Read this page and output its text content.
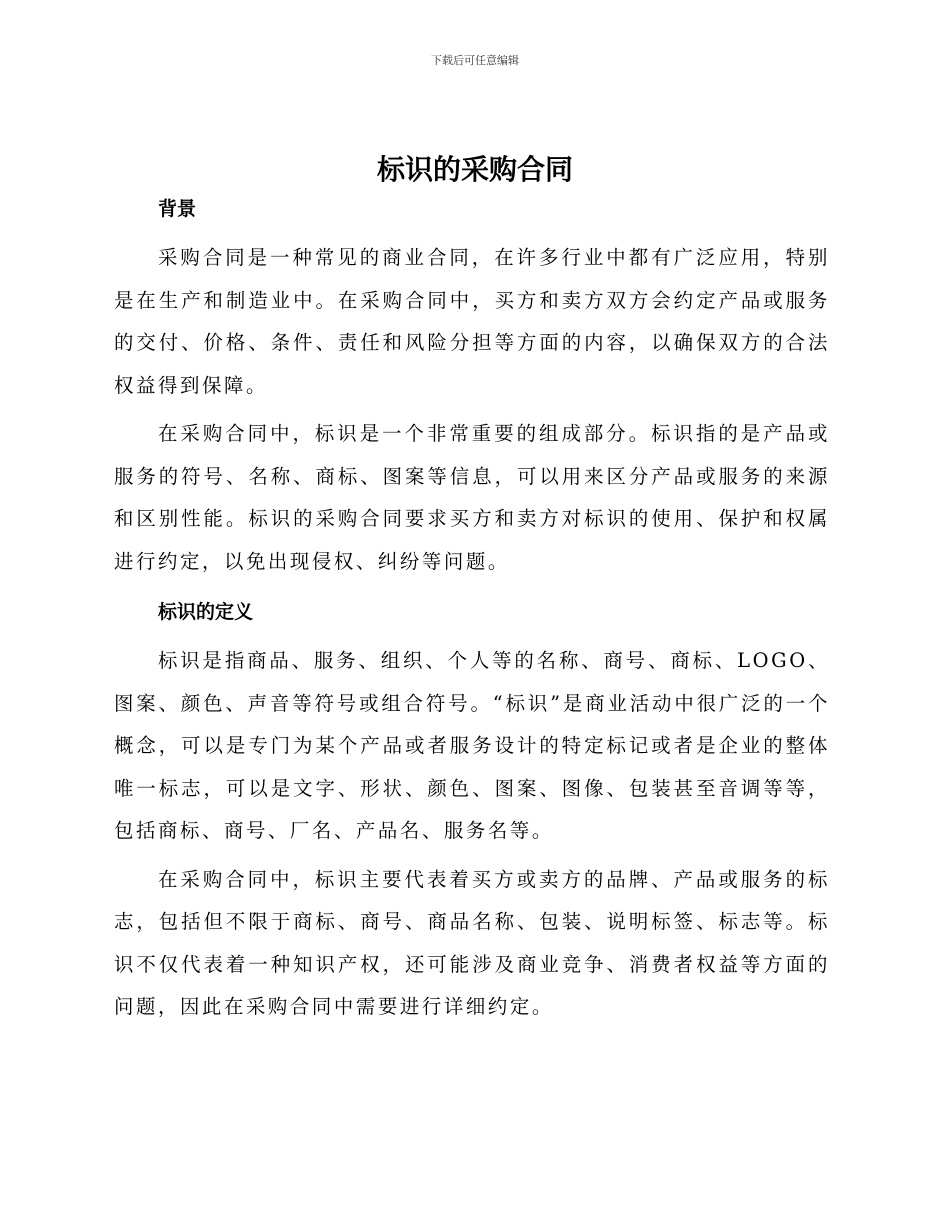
下载后可任意编辑
标识的采购合同
背景

采购合同是一种常见的商业合同，在许多行业中都有广泛应用，特别是在生产和制造业中。在采购合同中，买方和卖方双方会约定产品或服务的交付、价格、条件、责任和风险分担等方面的内容，以确保双方的合法权益得到保障。

在采购合同中，标识是一个非常重要的组成部分。标识指的是产品或服务的符号、名称、商标、图案等信息，可以用来区分产品或服务的来源和区别性能。标识的采购合同要求买方和卖方对标识的使用、保护和权属进行约定，以免出现侵权、纠纷等问题。

标识的定义

标识是指商品、服务、组织、个人等的名称、商号、商标、LOGO、图案、颜色、声音等符号或组合符号。“标识”是商业活动中很广泛的一个概念，可以是专门为某个产品或者服务设计的特定标记或者是企业的整体唯一标志，可以是文字、形状、颜色、图案、图像、包装甚至音调等等，包括商标、商号、厂名、产品名、服务名等。

在采购合同中，标识主要代表着买方或卖方的品牌、产品或服务的标志，包括但不限于商标、商号、商品名称、包装、说明标签、标志等。标识不仅代表着一种知识产权，还可能涉及商业竞争、消费者权益等方面的问题，因此在采购合同中需要进行详细约定。
